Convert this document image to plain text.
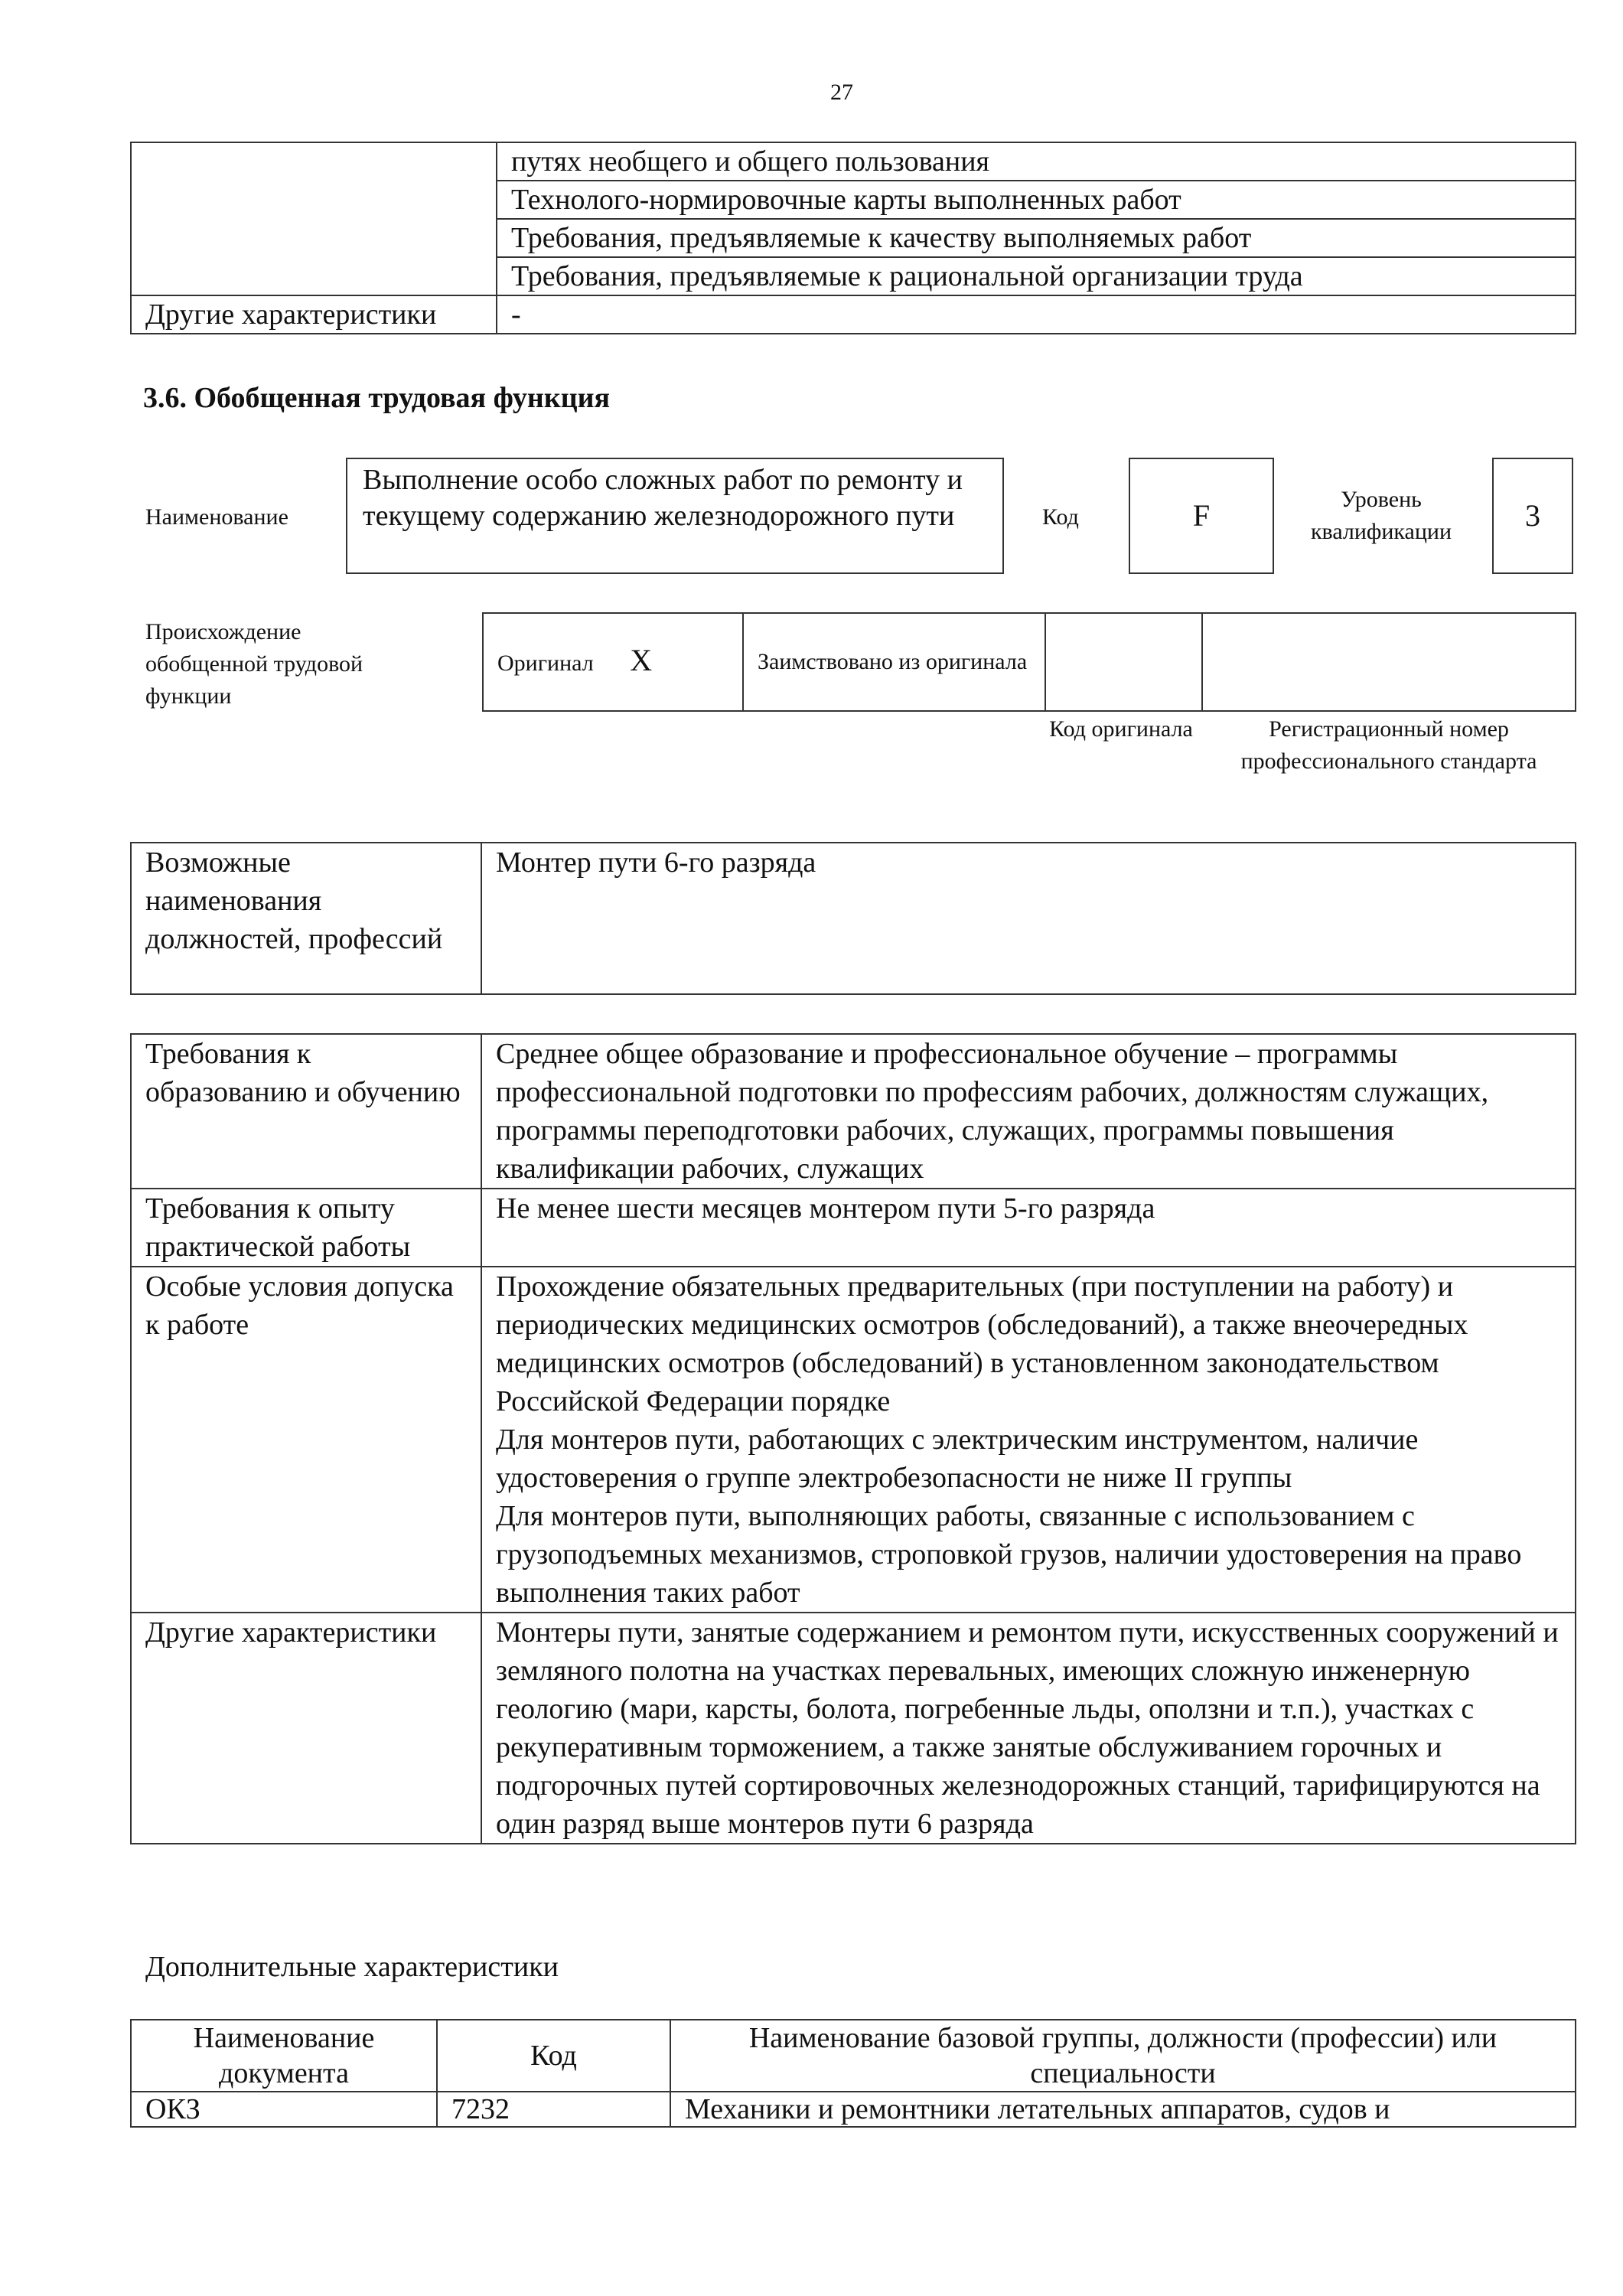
27
	путях необщего и общего пользования
	Технолого-нормировочные карты выполненных работ
	Требования, предъявляемые к качеству выполняемых работ
	Требования, предъявляемые к рациональной организации труда
Другие характеристики	-
3.6. Обобщенная трудовая функция
Наименование
Выполнение особо сложных работ по ремонту и текущему содержанию железнодорожного пути	Код	F	Уровень квалификации	3
Происхождение обобщенной трудовой функции
Оригинал X	Заимствовано из оригинала		
Код оригинала	Регистрационный номер профессионального стандарта
Возможные наименования должностей, профессий	Монтер пути 6-го разряда
Требования к образованию и обучению	Среднее общее образование и профессиональное обучение – программы профессиональной подготовки по профессиям рабочих, должностям служащих, программы переподготовки рабочих, служащих, программы повышения квалификации рабочих, служащих
Требования к опыту практической работы	Не менее шести месяцев монтером пути 5-го разряда
Особые условия допуска к работе	Прохождение обязательных предварительных (при поступлении на работу) и периодических медицинских осмотров (обследований), а также внеочередных медицинских осмотров (обследований) в установленном законодательством Российской Федерации порядке
Для монтеров пути, работающих с электрическим инструментом, наличие удостоверения о группе электробезопасности не ниже II группы
Для монтеров пути, выполняющих работы, связанные с использованием с грузоподъемных механизмов, строповкой грузов, наличии удостоверения на право выполнения таких работ

Другие характеристики	Монтеры пути, занятые содержанием и ремонтом пути, искусственных сооружений и земляного полотна на участках перевальных, имеющих сложную инженерную геологию (мари, карсты, болота, погребенные льды, оползни и т.п.), участках с рекуперативным торможением, а также занятые обслуживанием горочных и подгорочных путей сортировочных железнодорожных станций, тарифицируются на один разряд выше монтеров пути 6 разряда
Дополнительные характеристики
Наименование документа	Код	Наименование базовой группы, должности (профессии) или специальности
ОКЗ	7232	Механики и ремонтники летательных аппаратов, судов и
